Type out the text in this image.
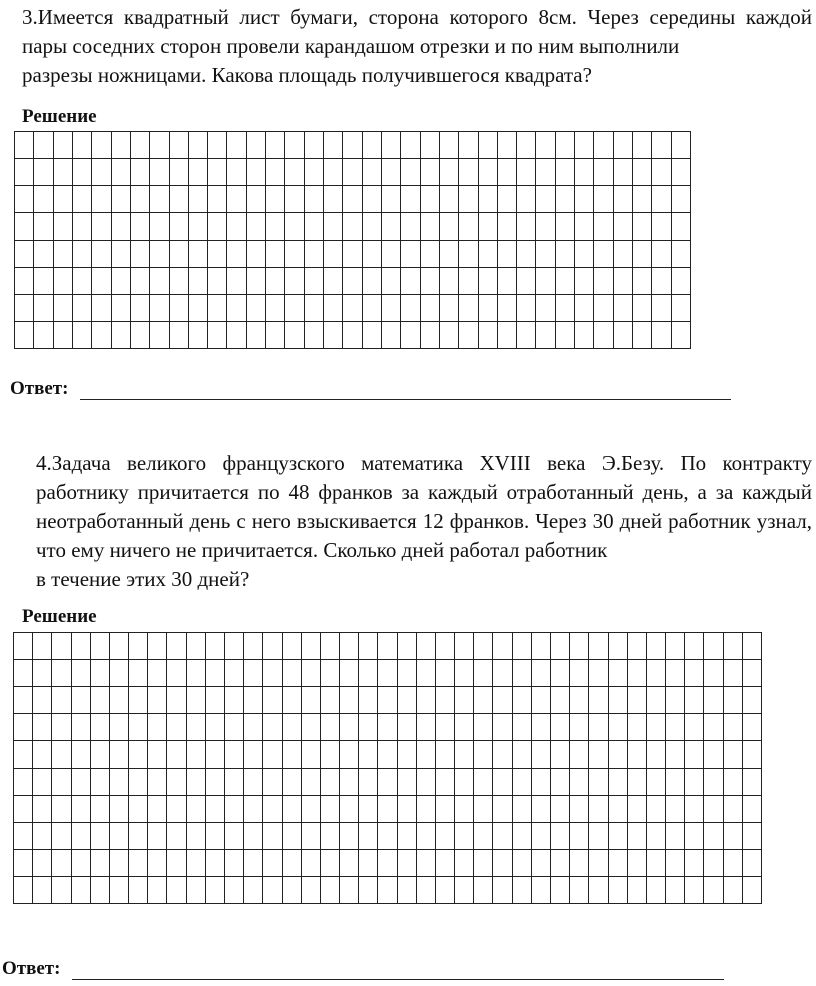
3.Имеется квадратный лист бумаги, сторона которого 8см. Через середины каждой пары соседних сторон провели карандашом отрезки и по ним выполнили
разрезы ножницами. Какова площадь получившегося квадрата?

Решение
Ответ:

4.Задача великого французского математика XVIII века Э.Безу. По контракту работнику причитается по 48 франков за каждый отработанный день, а за каждый неотработанный день с него взыскивается 12 франков. Через 30 дней работник узнал, что ему ничего не причитается. Сколько дней работал работник
в течение этих 30 дней?

Решение
Ответ:
